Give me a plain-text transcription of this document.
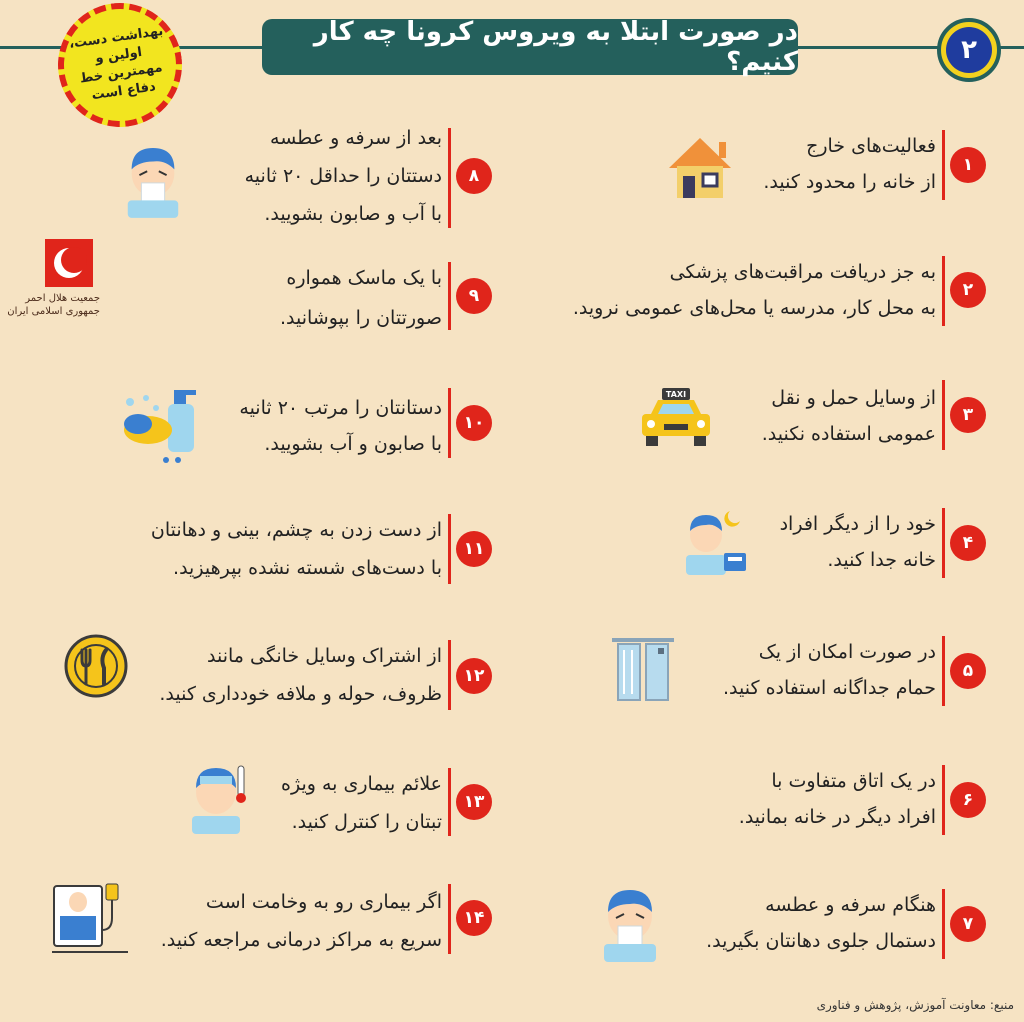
در صورت ابتلا به ویروس کرونا چه کار کنیم؟	۲
بهداشت دست، اولین و مهمترین خط دفاع است
جمعیت هلال احمر
جمهوری اسلامی ایران
۱
فعالیت‌های خارج
از خانه را محدود کنید.
۲
به جز دریافت مراقبت‌های پزشکی
به محل کار، مدرسه یا محل‌های عمومی نروید.
۳
از وسایل حمل و نقل
عمومی استفاده نکنید.
TAXI
۴
خود را از دیگر افراد
خانه جدا کنید.
۵
در صورت امکان از یک
حمام جداگانه استفاده کنید.
۶
در یک اتاق متفاوت با
افراد دیگر در خانه بمانید.
۷
هنگام سرفه و عطسه
دستمال جلوی دهانتان بگیرید.
۸
بعد از سرفه و عطسه
دستتان را حداقل ۲۰ ثانیه
با آب و صابون بشویید.
۹
با یک ماسک همواره
صورتتان را بپوشانید.
۱۰
دستانتان را مرتب ۲۰ ثانیه
با صابون و آب بشویید.
۱۱
از دست زدن به چشم، بینی و دهانتان
با دست‌های شسته نشده بپرهیزید.
۱۲
از اشتراک وسایل خانگی مانند
ظروف، حوله و ملافه خودداری کنید.
۱۳
علائم بیماری به ویژه
تبتان را کنترل کنید.
۱۴
اگر بیماری رو به وخامت است
سریع به مراکز درمانی مراجعه کنید.
منبع: معاونت آموزش، پژوهش و فناوری
